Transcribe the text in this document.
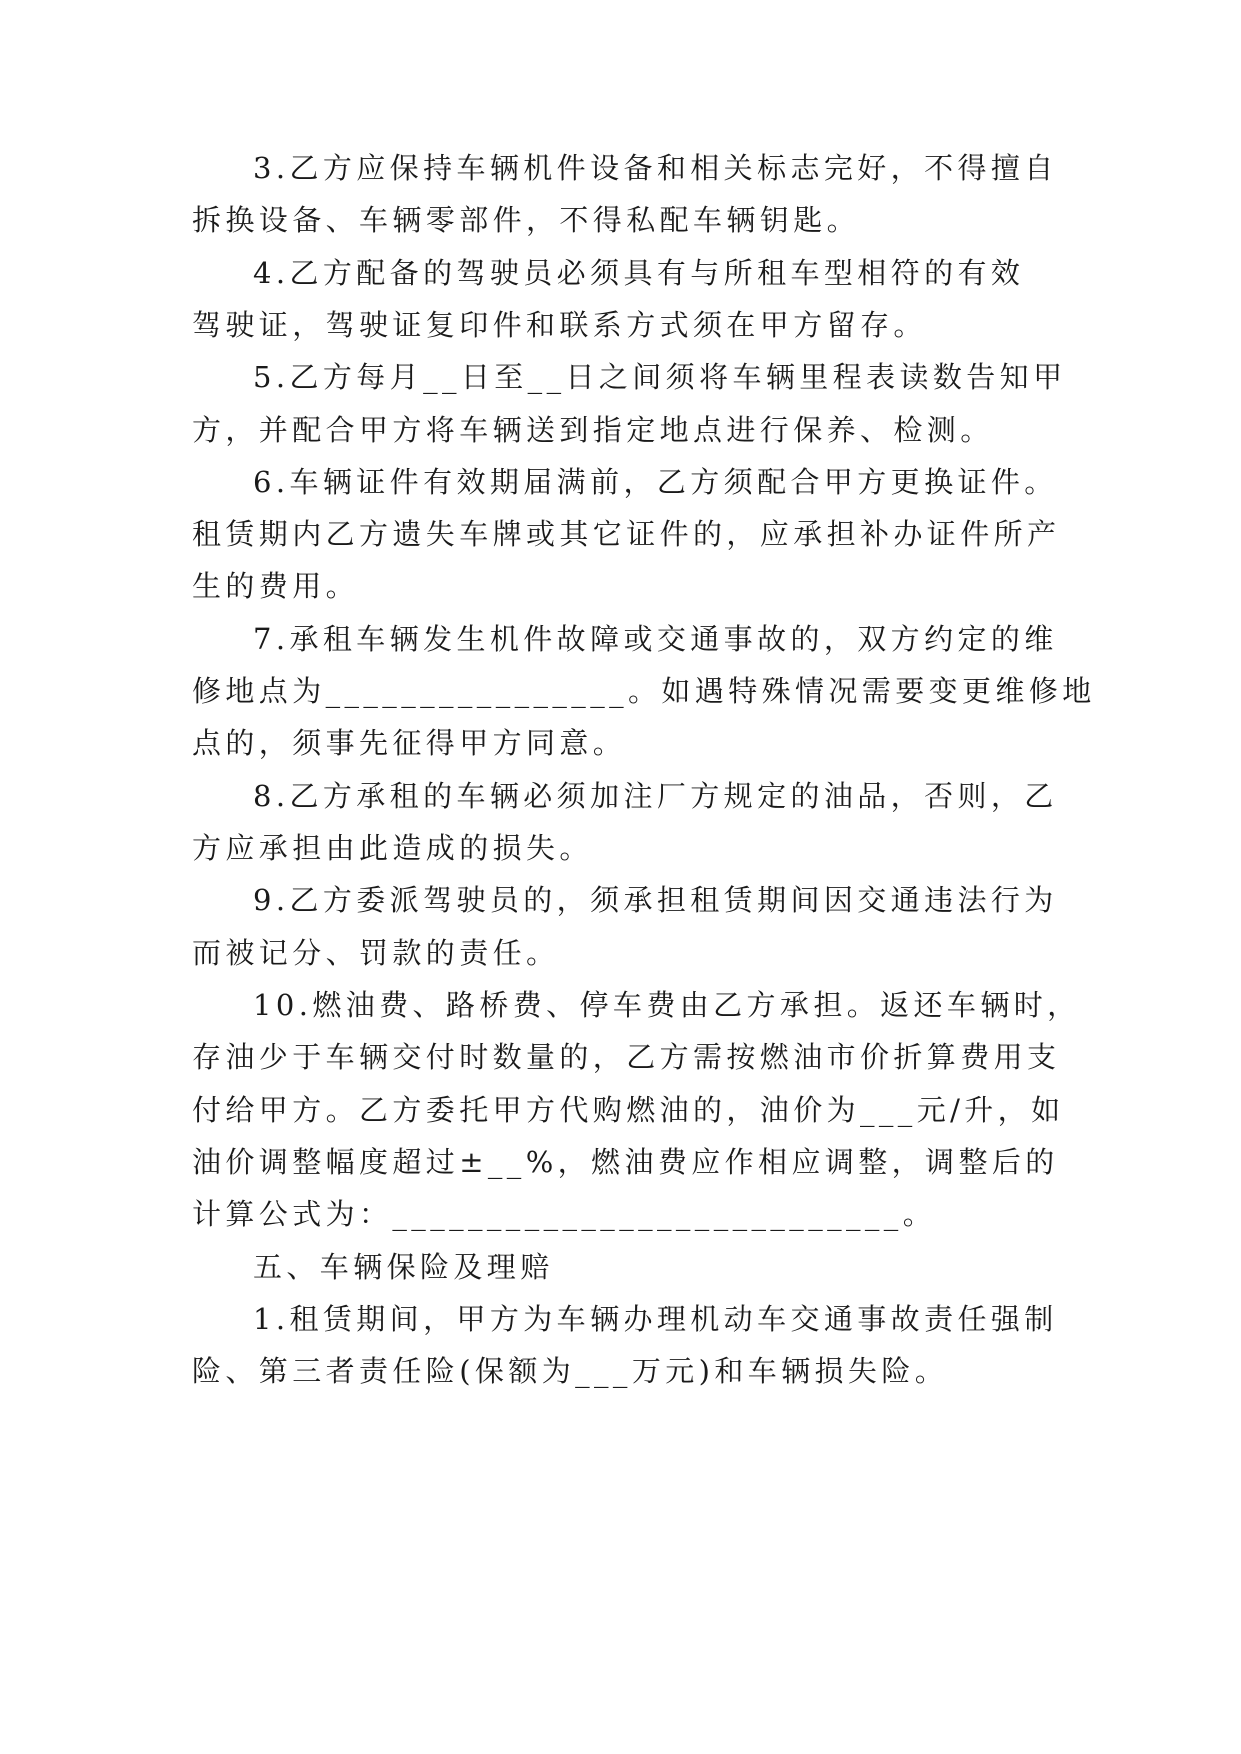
3.乙方应保持车辆机件设备和相关标志完好，不得擅自
拆换设备、车辆零部件，不得私配车辆钥匙。
4.乙方配备的驾驶员必须具有与所租车型相符的有效
驾驶证，驾驶证复印件和联系方式须在甲方留存。
5.乙方每月__日至__日之间须将车辆里程表读数告知甲
方，并配合甲方将车辆送到指定地点进行保养、检测。
6.车辆证件有效期届满前，乙方须配合甲方更换证件。
租赁期内乙方遗失车牌或其它证件的，应承担补办证件所产
生的费用。
7.承租车辆发生机件故障或交通事故的，双方约定的维
修地点为________________。如遇特殊情况需要变更维修地
点的，须事先征得甲方同意。
8.乙方承租的车辆必须加注厂方规定的油品，否则，乙
方应承担由此造成的损失。
9.乙方委派驾驶员的，须承担租赁期间因交通违法行为
而被记分、罚款的责任。
10.燃油费、路桥费、停车费由乙方承担。返还车辆时，
存油少于车辆交付时数量的，乙方需按燃油市价折算费用支
付给甲方。乙方委托甲方代购燃油的，油价为___元/升，如
油价调整幅度超过±__%，燃油费应作相应调整，调整后的
计算公式为：___________________________。
五、车辆保险及理赔
1.租赁期间，甲方为车辆办理机动车交通事故责任强制
险、第三者责任险(保额为___万元)和车辆损失险。
